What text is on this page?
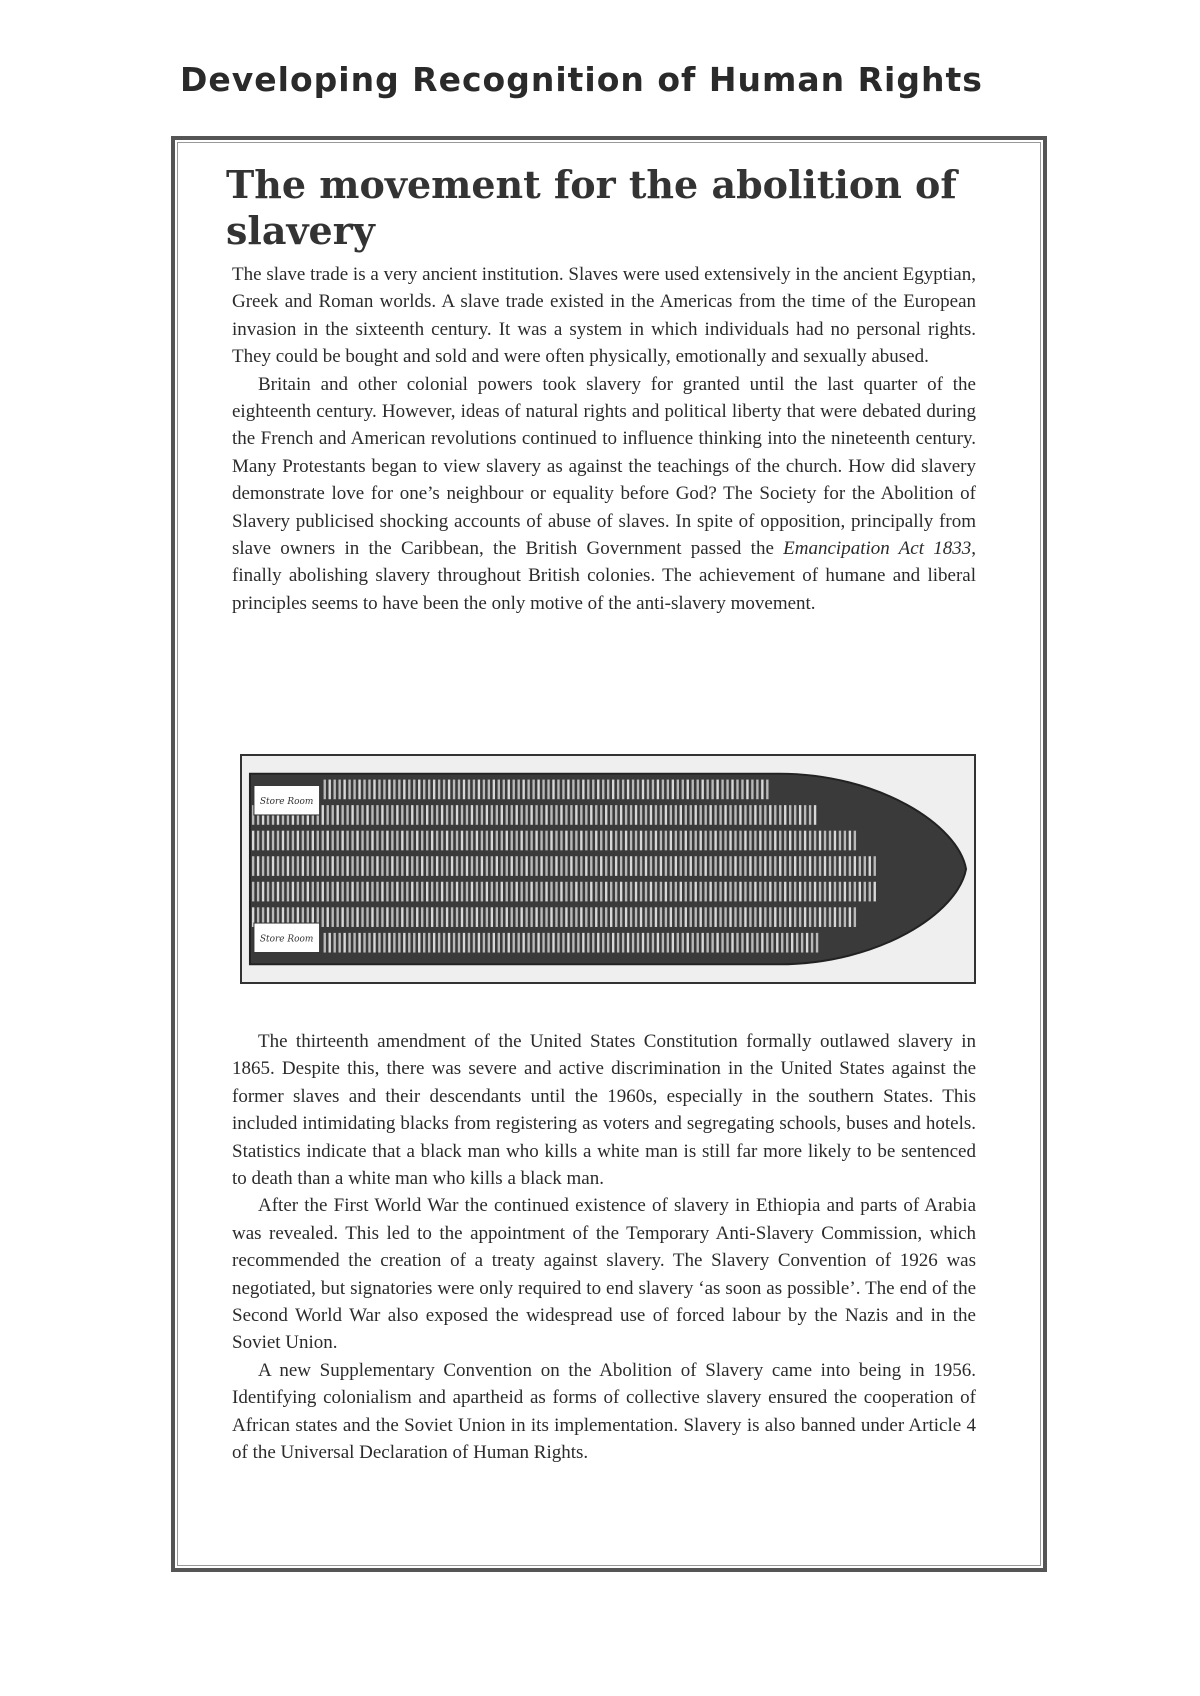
Developing Recognition of Human Rights
The movement for the abolition of slavery

The slave trade is a very ancient institution. Slaves were used extensively in the ancient Egyptian, Greek and Roman worlds. A slave trade existed in the Americas from the time of the European invasion in the sixteenth century. It was a system in which individuals had no personal rights. They could be bought and sold and were often physically, emotionally and sexually abused.

Britain and other colonial powers took slavery for granted until the last quarter of the eighteenth century. However, ideas of natural rights and political liberty that were debated during the French and American revolutions continued to influence thinking into the nineteenth century. Many Protestants began to view slavery as against the teachings of the church. How did slavery demonstrate love for one’s neighbour or equality before God? The Society for the Abolition of Slavery publicised shocking accounts of abuse of slaves. In spite of opposition, principally from slave owners in the Caribbean, the British Government passed the Emancipation Act 1833, finally abolishing slavery throughout British colonies. The achievement of humane and liberal principles seems to have been the only motive of the anti-slavery movement.

Store Room
Store Room

The thirteenth amendment of the United States Constitution formally outlawed slavery in 1865. Despite this, there was severe and active discrimination in the United States against the former slaves and their descendants until the 1960s, especially in the southern States. This included intimidating blacks from registering as voters and segregating schools, buses and hotels. Statistics indicate that a black man who kills a white man is still far more likely to be sentenced to death than a white man who kills a black man.

After the First World War the continued existence of slavery in Ethiopia and parts of Arabia was revealed. This led to the appointment of the Temporary Anti-Slavery Commission, which recommended the creation of a treaty against slavery. The Slavery Convention of 1926 was negotiated, but signatories were only required to end slavery ‘as soon as possible’. The end of the Second World War also exposed the widespread use of forced labour by the Nazis and in the Soviet Union.

A new Supplementary Convention on the Abolition of Slavery came into being in 1956. Identifying colonialism and apartheid as forms of collective slavery ensured the cooperation of African states and the Soviet Union in its implementation. Slavery is also banned under Article 4 of the Universal Declaration of Human Rights.
